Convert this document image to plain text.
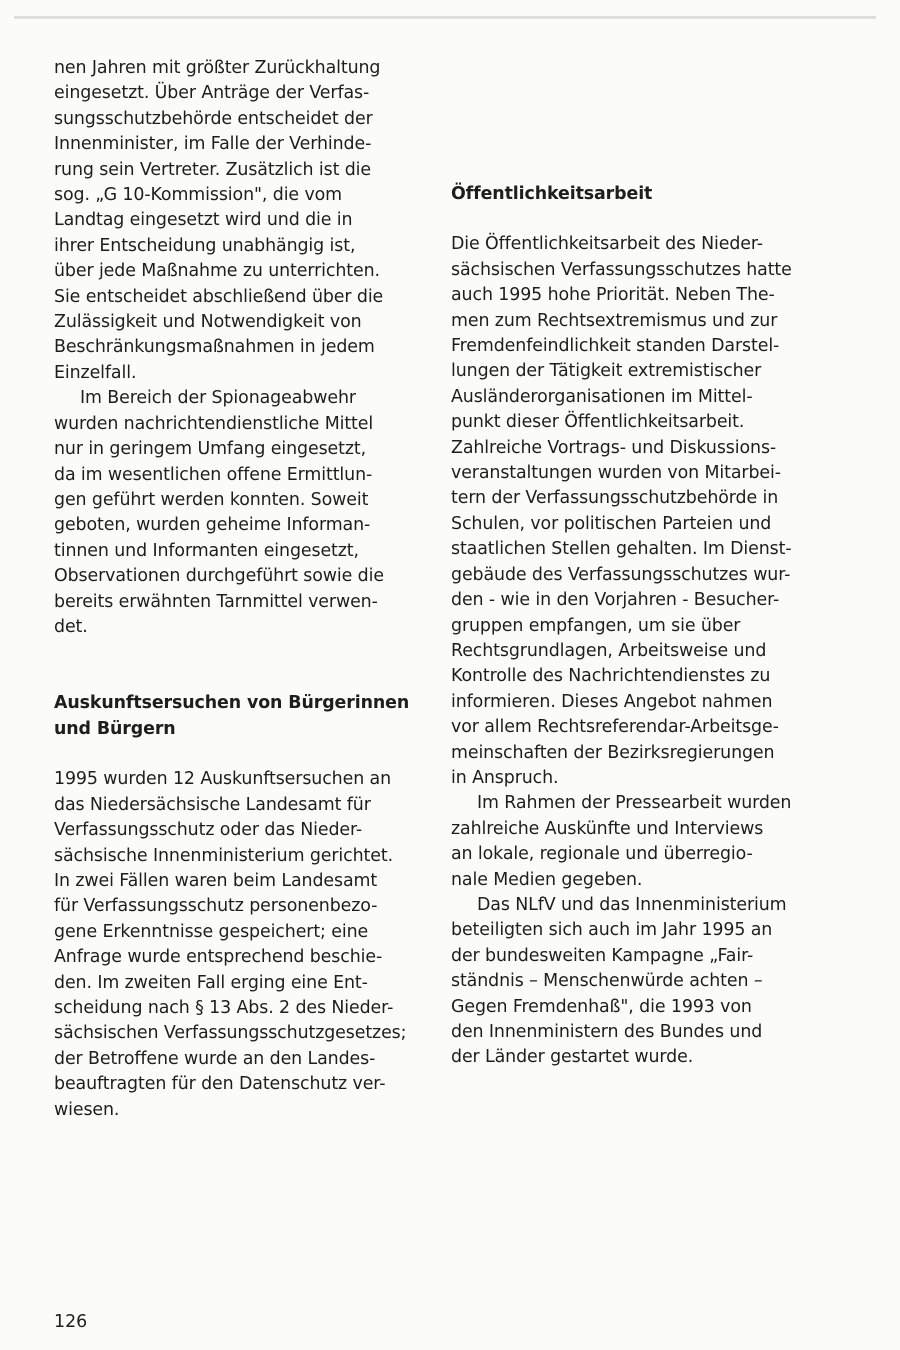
nen Jahren mit größter Zurückhaltung
eingesetzt. Über Anträge der Verfas-
sungsschutzbehörde entscheidet der
Innenminister, im Falle der Verhinde-
rung sein Vertreter. Zusätzlich ist die
sog. „G 10-Kommission", die vom
Landtag eingesetzt wird und die in
ihrer Entscheidung unabhängig ist,
über jede Maßnahme zu unterrichten.
Sie entscheidet abschließend über die
Zulässigkeit und Notwendigkeit von
Beschränkungsmaßnahmen in jedem
Einzelfall.
Im Bereich der Spionageabwehr
wurden nachrichtendienstliche Mittel
nur in geringem Umfang eingesetzt,
da im wesentlichen offene Ermittlun-
gen geführt werden konnten. Soweit
geboten, wurden geheime Informan-
tinnen und Informanten eingesetzt,
Observationen durchgeführt sowie die
bereits erwähnten Tarnmittel verwen-
det.
Auskunftsersuchen von Bürgerinnen
und Bürgern
1995 wurden 12 Auskunftsersuchen an
das Niedersächsische Landesamt für
Verfassungsschutz oder das Nieder-
sächsische Innenministerium gerichtet.
In zwei Fällen waren beim Landesamt
für Verfassungsschutz personenbezo-
gene Erkenntnisse gespeichert; eine
Anfrage wurde entsprechend beschie-
den. Im zweiten Fall erging eine Ent-
scheidung nach § 13 Abs. 2 des Nieder-
sächsischen Verfassungsschutzgesetzes;
der Betroffene wurde an den Landes-
beauftragten für den Datenschutz ver-
wiesen.
Öffentlichkeitsarbeit
Die Öffentlichkeitsarbeit des Nieder-
sächsischen Verfassungsschutzes hatte
auch 1995 hohe Priorität. Neben The-
men zum Rechtsextremismus und zur
Fremdenfeindlichkeit standen Darstel-
lungen der Tätigkeit extremistischer
Ausländerorganisationen im Mittel-
punkt dieser Öffentlichkeitsarbeit.
Zahlreiche Vortrags- und Diskussions-
veranstaltungen wurden von Mitarbei-
tern der Verfassungsschutzbehörde in
Schulen, vor politischen Parteien und
staatlichen Stellen gehalten. Im Dienst-
gebäude des Verfassungsschutzes wur-
den - wie in den Vorjahren - Besucher-
gruppen empfangen, um sie über
Rechtsgrundlagen, Arbeitsweise und
Kontrolle des Nachrichtendienstes zu
informieren. Dieses Angebot nahmen
vor allem Rechtsreferendar-Arbeitsge-
meinschaften der Bezirksregierungen
in Anspruch.
Im Rahmen der Pressearbeit wurden
zahlreiche Auskünfte und Interviews
an lokale, regionale und überregio-
nale Medien gegeben.
Das NLfV und das Innenministerium
beteiligten sich auch im Jahr 1995 an
der bundesweiten Kampagne „Fair-
ständnis – Menschenwürde achten –
Gegen Fremdenhaß", die 1993 von
den Innenministern des Bundes und
der Länder gestartet wurde.
126
